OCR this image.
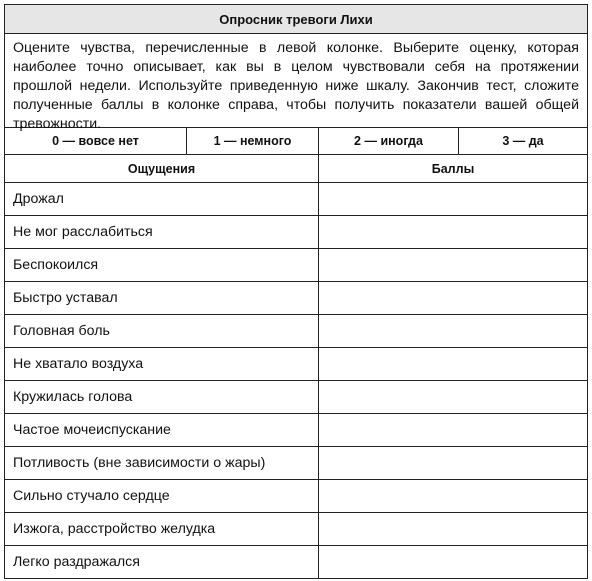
Опросник тревоги Лихи
Оцените чувства, перечисленные в левой колонке. Выберите оценку, которая наиболее точно описывает, как вы в целом чувствовали себя на протяжении прошлой недели. Используйте приведенную ниже шкалу. Закончив тест, сложите полученные баллы в колонке справа, чтобы получить показатели вашей общей тревожности.
0 — вовсе нет	1 — немного	2 — иногда	3 — да
Ощущения	Баллы
Дрожал
Не мог расслабиться
Беспокоился
Быстро уставал
Головная боль
Не хватало воздуха
Кружилась голова
Частое мочеиспускание
Потливость (вне зависимости о жары)
Сильно стучало сердце
Изжога, расстройство желудка
Легко раздражался
